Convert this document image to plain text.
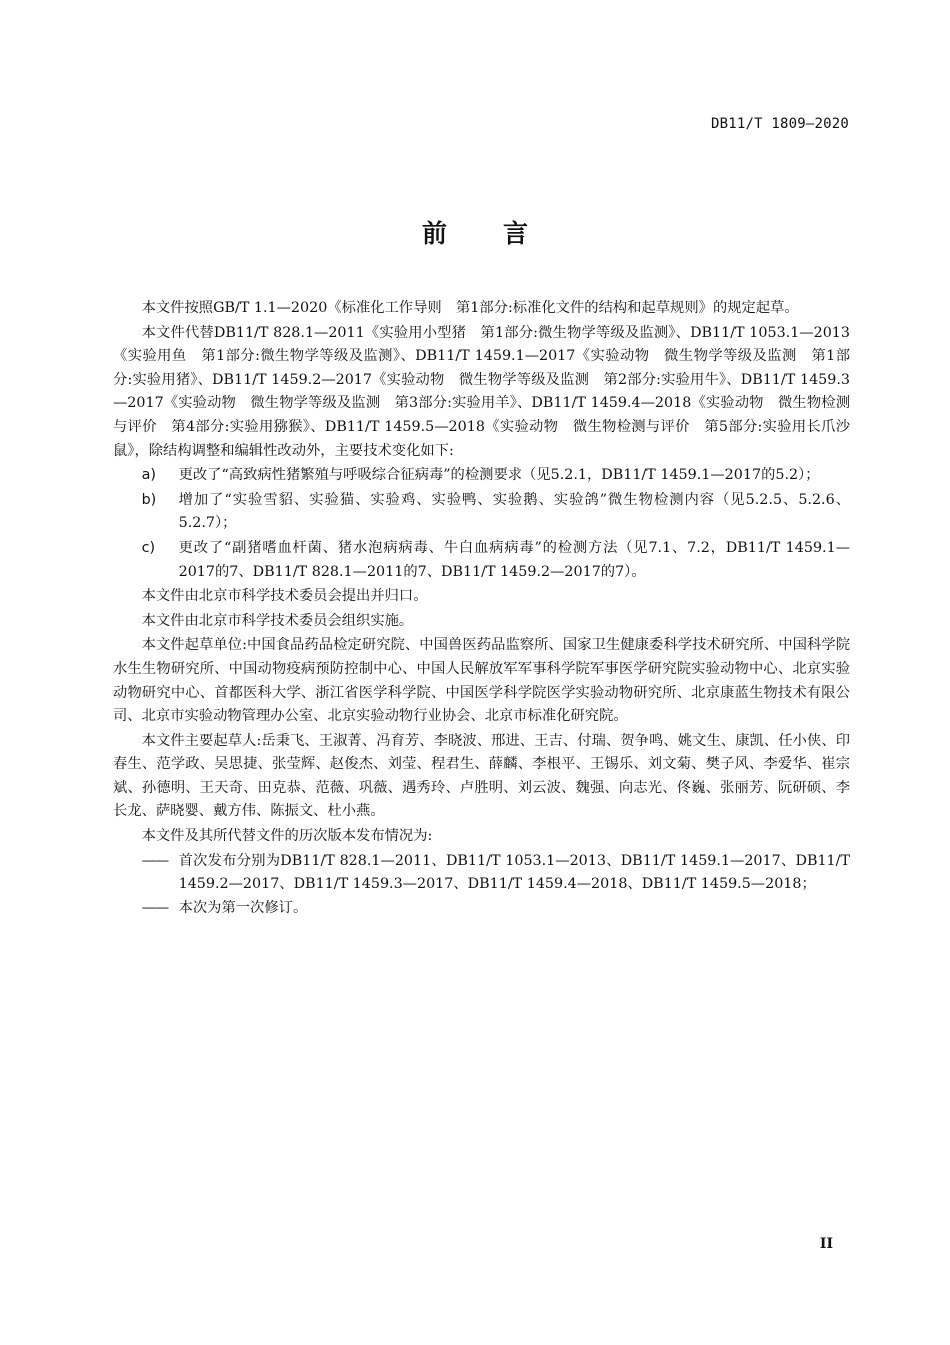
DB11/T 1809—2020
前 言

本文件按照GB/T 1.1—2020《标准化工作导则　第1部分:标准化文件的结构和起草规则》的规定起草。

本文件代替DB11/T 828.1—2011《实验用小型猪　第1部分:微生物学等级及监测》、DB11/T 1053.1—2013《实验用鱼　第1部分:微生物学等级及监测》、DB11/T 1459.1—2017《实验动物　微生物学等级及监测　第1部分:实验用猪》、DB11/T 1459.2—2017《实验动物　微生物学等级及监测　第2部分:实验用牛》、DB11/T 1459.3—2017《实验动物　微生物学等级及监测　第3部分:实验用羊》、DB11/T 1459.4—2018《实验动物　微生物检测与评价　第4部分:实验用猕猴》、DB11/T 1459.5—2018《实验动物　微生物检测与评价　第5部分:实验用长爪沙鼠》，除结构调整和编辑性改动外，主要技术变化如下:

a)	更改了“高致病性猪繁殖与呼吸综合征病毒”的检测要求（见5.2.1，DB11/T 1459.1—2017的5.2）；
b)	增加了“实验雪貂、实验猫、实验鸡、实验鸭、实验鹅、实验鸽”微生物检测内容（见5.2.5、5.2.6、5.2.7）；
c)	更改了“副猪嗜血杆菌、猪水泡病病毒、牛白血病病毒”的检测方法（见7.1、7.2，DB11/T 1459.1—2017的7、DB11/T 828.1—2011的7、DB11/T 1459.2—2017的7）。

本文件由北京市科学技术委员会提出并归口。

本文件由北京市科学技术委员会组织实施。

本文件起草单位:中国食品药品检定研究院、中国兽医药品监察所、国家卫生健康委科学技术研究所、中国科学院水生生物研究所、中国动物疫病预防控制中心、中国人民解放军军事科学院军事医学研究院实验动物中心、北京实验动物研究中心、首都医科大学、浙江省医学科学院、中国医学科学院医学实验动物研究所、北京康蓝生物技术有限公司、北京市实验动物管理办公室、北京实验动物行业协会、北京市标准化研究院。

本文件主要起草人:岳秉飞、王淑菁、冯育芳、李晓波、邢进、王吉、付瑞、贺争鸣、姚文生、康凯、任小侠、印春生、范学政、吴思捷、张莹辉、赵俊杰、刘莹、程君生、薛麟、李根平、王锡乐、刘文菊、樊子风、李爱华、崔宗斌、孙德明、王天奇、田克恭、范薇、巩薇、遇秀玲、卢胜明、刘云波、魏强、向志光、佟巍、张丽芳、阮研硕、李长龙、萨晓婴、戴方伟、陈振文、杜小燕。

本文件及其所代替文件的历次版本发布情况为:

—— 首次发布分别为DB11/T 828.1—2011、DB11/T 1053.1—2013、DB11/T 1459.1—2017、DB11/T 1459.2—2017、DB11/T 1459.3—2017、DB11/T 1459.4—2018、DB11/T 1459.5—2018；
—— 本次为第一次修订。
II
